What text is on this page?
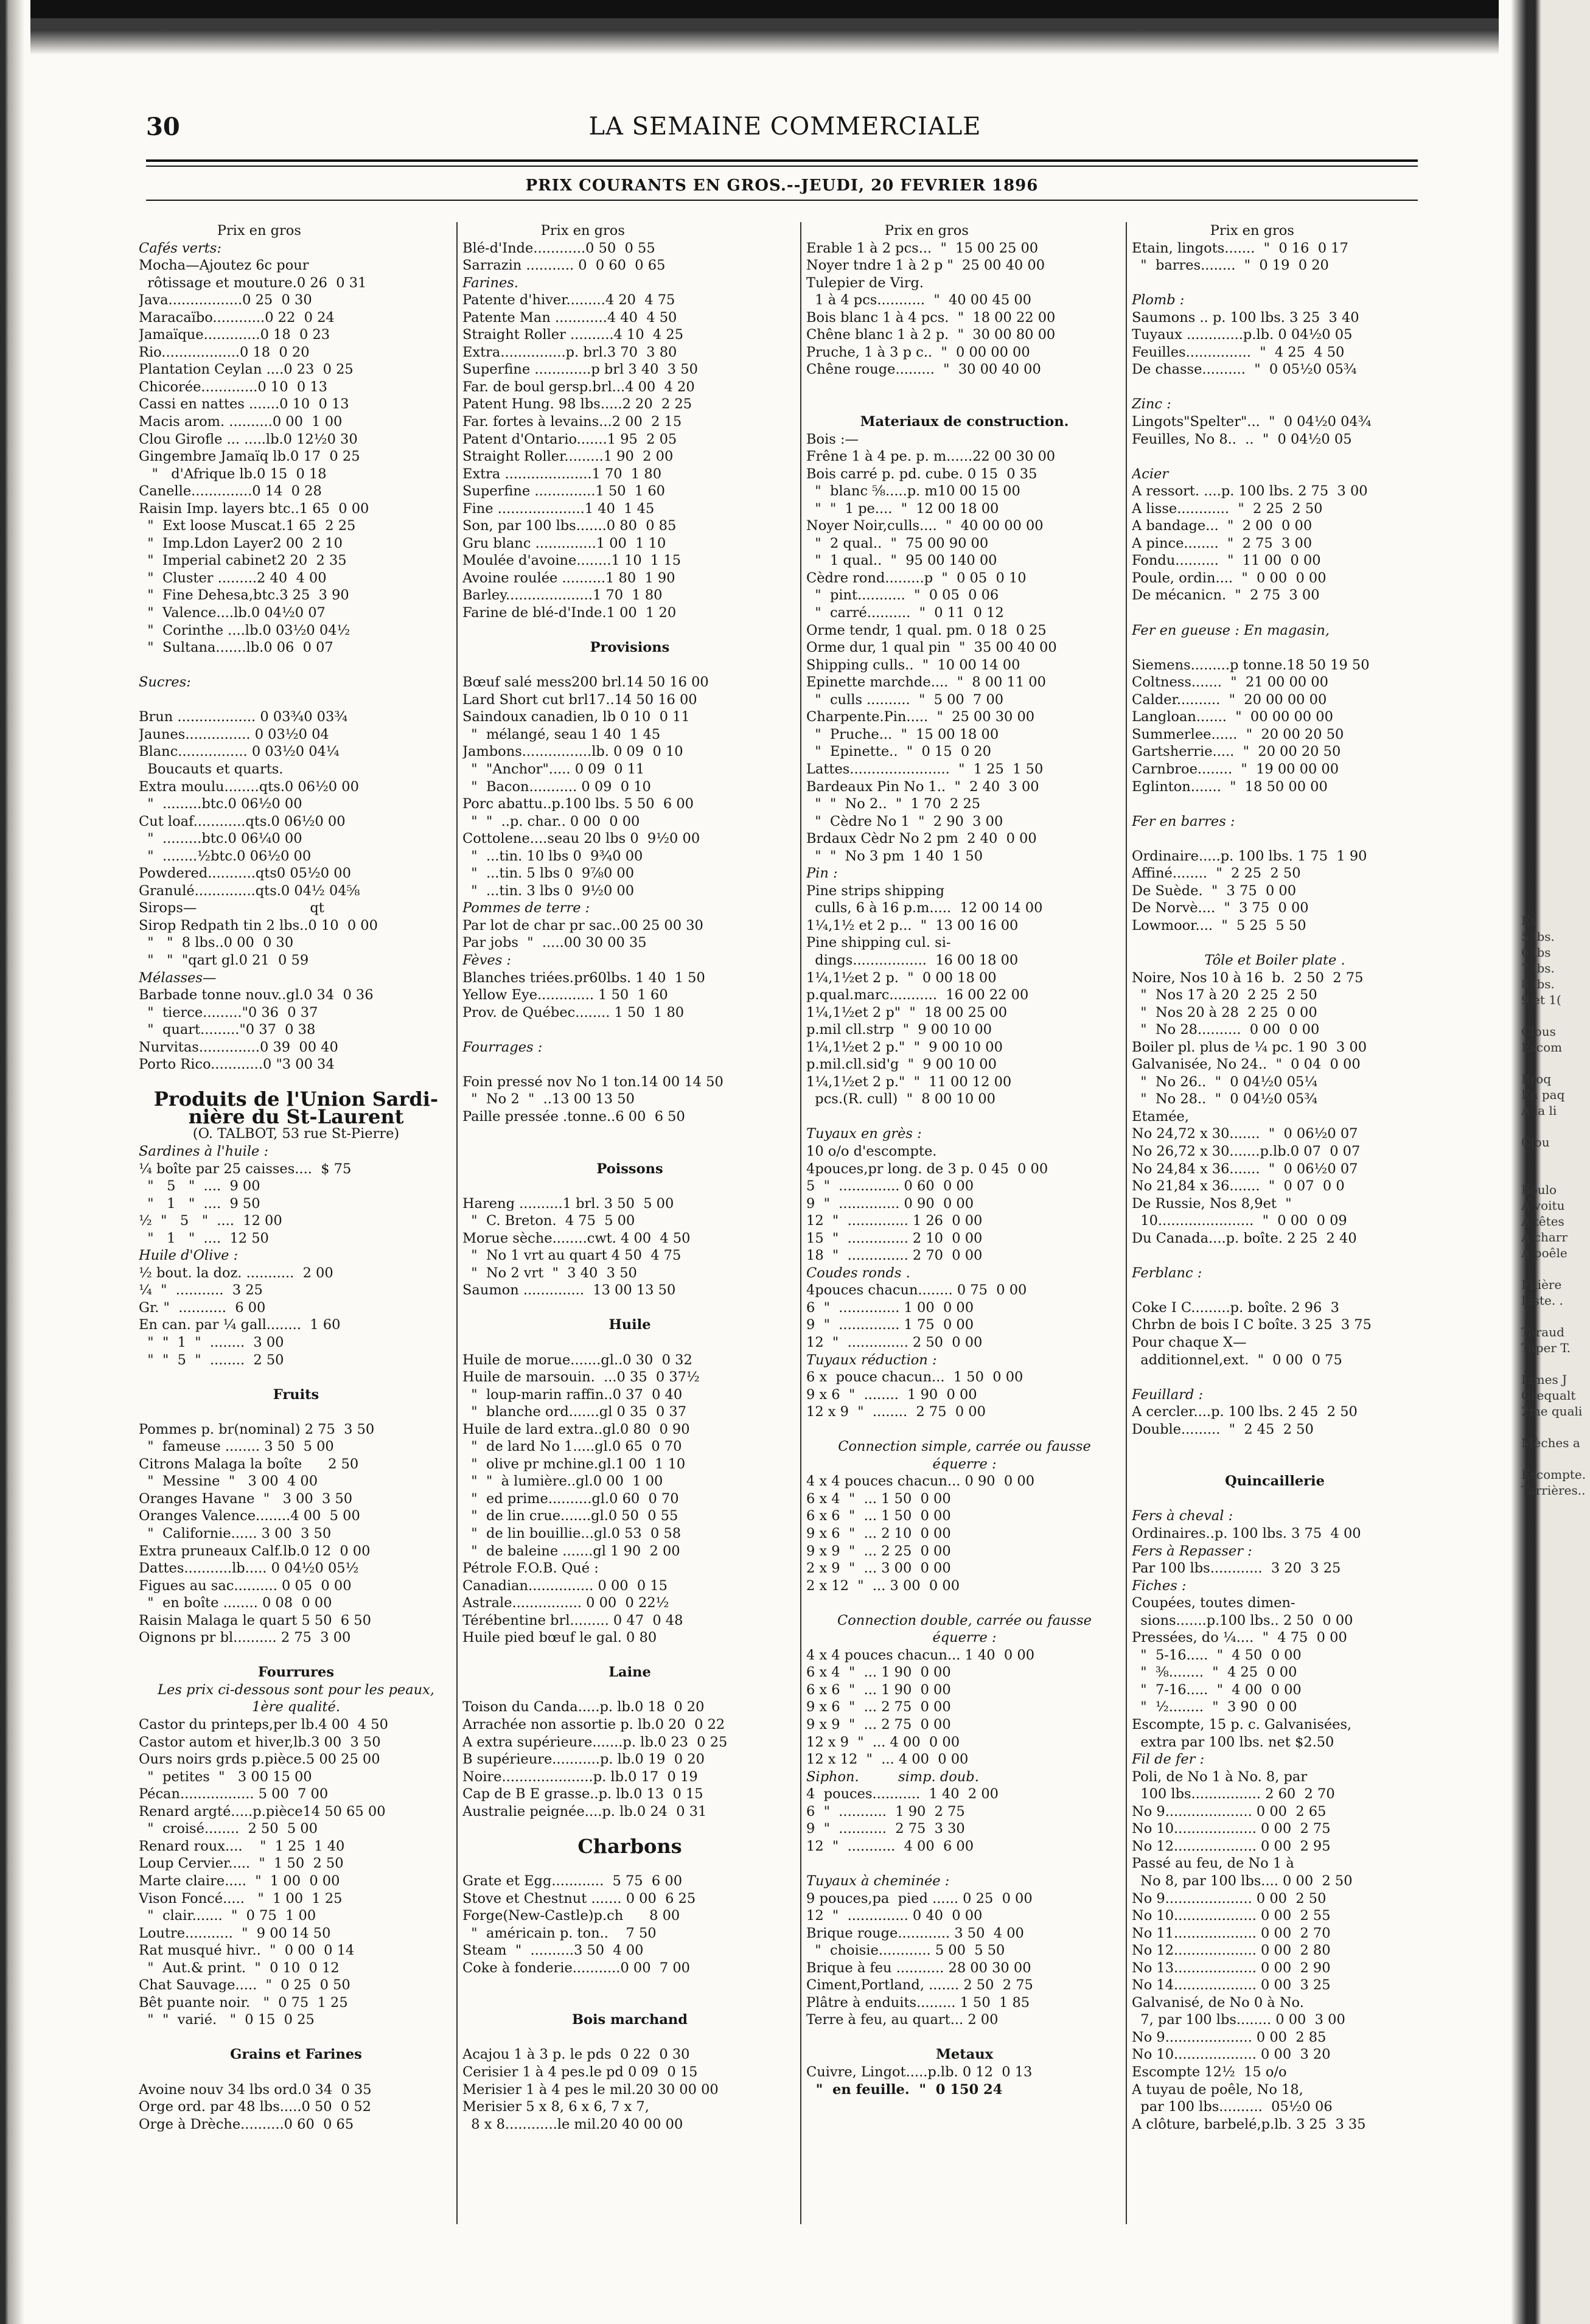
30	LA SEMAINE COMMERCIALE
PRIX COURANTS EN GROS.--JEUDI, 20 FEVRIER 1896
Prix en gros
Cafés verts:
Mocha—Ajoutez 6c pour
rôtissage et mouture.0 26  0 31
Java.................0 25  0 30
Maracaïbo............0 22  0 24
Jamaïque.............0 18  0 23
Rio..................0 18  0 20
Plantation Ceylan ....0 23  0 25
Chicorée.............0 10  0 13
Cassi en nattes .......0 10  0 13
Macis arom. ..........0 00  1 00
Clou Girofle ... .....lb.0 12½0 30
Gingembre Jamaïq lb.0 17  0 25
"   d'Afrique lb.0 15  0 18
Canelle..............0 14  0 28
Raisin Imp. layers btc..1 65  0 00
"  Ext loose Muscat.1 65  2 25
"  Imp.Ldon Layer2 00  2 10
"  Imperial cabinet2 20  2 35
"  Cluster .........2 40  4 00
"  Fine Dehesa,btc.3 25  3 90
"  Valence....lb.0 04½0 07
"  Corinthe ....lb.0 03½0 04½
"  Sultana.......lb.0 06  0 07
Sucres:
Brun .................. 0 03¾0 03¾
Jaunes............... 0 03½0 04
Blanc................ 0 03½0 04¼
Boucauts et quarts.
Extra moulu........qts.0 06½0 00
"  .........btc.0 06½0 00
Cut loaf............qts.0 06½0 00
"  .........btc.0 06¼0 00
"  ........½btc.0 06½0 00
Powdered...........qts0 05½0 00
Granulé..............qts.0 04½ 04⅝
Sirops—                          qt
Sirop Redpath tin 2 lbs..0 10  0 00
"   "  8 lbs..0 00  0 30
"   "  "qart gl.0 21  0 59
Mélasses—
Barbade tonne nouv..gl.0 34  0 36
"  tierce........."0 36  0 37
"  quart........."0 37  0 38
Nurvitas..............0 39  00 40
Porto Rico............0 "3 00 34
Produits de l'Union Sardi-
nière du St-Laurent
(O. TALBOT, 53 rue St-Pierre)
Sardines à l'huile :
¼ boîte par 25 caisses....  $ 75
"   5   "  ....  9 00
"   1   "  ....  9 50
½  "   5   "  ....  12 00
"   1   "  ....  12 50
Huile d'Olive :
½ bout. la doz. ...........  2 00
¼  "  ...........  3 25
Gr. "  ...........  6 00
En can. par ¼ gall........  1 60
"  "  1  "  ........  3 00
"  "  5  "  ........  2 50
Fruits
Pommes p. br(nominal) 2 75  3 50
"  fameuse ........ 3 50  5 00
Citrons Malaga la boîte      2 50
"  Messine  "   3 00  4 00
Oranges Havane  "   3 00  3 50
Oranges Valence........4 00  5 00
"  Californie...... 3 00  3 50
Extra pruneaux Calf.lb.0 12  0 00
Dattes...........lb..... 0 04½0 05½
Figues au sac.......... 0 05  0 00
"  en boîte ........ 0 08  0 00
Raisin Malaga le quart 5 50  6 50
Oignons pr bl.......... 2 75  3 00
Fourrures
Les prix ci-dessous sont pour les peaux,
1ère qualité.
Castor du printeps,per lb.4 00  4 50
Castor autom et hiver,lb.3 00  3 50
Ours noirs grds p.pièce.5 00 25 00
"  petites  "   3 00 15 00
Pécan................. 5 00  7 00
Renard argté.....p.pièce14 50 65 00
"  croisé........  2 50  5 00
Renard roux....    "  1 25  1 40
Loup Cervier.....  "  1 50  2 50
Marte claire.....  "  1 00  0 00
Vison Foncé.....   "  1 00  1 25
"  clair.......  "  0 75  1 00
Loutre...........  "  9 00 14 50
Rat musqué hivr..  "  0 00  0 14
"  Aut.& print.  "  0 10  0 12
Chat Sauvage.....  "  0 25  0 50
Bêt puante noir.   "  0 75  1 25
"  "  varié.   "  0 15  0 25
Grains et Farines
Avoine nouv 34 lbs ord.0 34  0 35
Orge ord. par 48 lbs.....0 50  0 52
Orge à Drèche..........0 60  0 65
Prix en gros
Blé-d'Inde............0 50  0 55
Sarrazin ........... 0  0 60  0 65
Farines.
Patente d'hiver.........4 20  4 75
Patente Man ............4 40  4 50
Straight Roller ..........4 10  4 25
Extra...............p. brl.3 70  3 80
Superfine .............p brl 3 40  3 50
Far. de boul gersp.brl...4 00  4 20
Patent Hung. 98 lbs.....2 20  2 25
Far. fortes à levains...2 00  2 15
Patent d'Ontario.......1 95  2 05
Straight Roller.........1 90  2 00
Extra ....................1 70  1 80
Superfine ..............1 50  1 60
Fine ....................1 40  1 45
Son, par 100 lbs.......0 80  0 85
Gru blanc ..............1 00  1 10
Moulée d'avoine........1 10  1 15
Avoine roulée ..........1 80  1 90
Barley....................1 70  1 80
Farine de blé-d'Inde.1 00  1 20
Provisions
Bœuf salé mess200 brl.14 50 16 00
Lard Short cut brl17..14 50 16 00
Saindoux canadien, lb 0 10  0 11
"  mélangé, seau 1 40  1 45
Jambons................lb. 0 09  0 10
"  "Anchor"..... 0 09  0 11
"  Bacon........... 0 09  0 10
Porc abattu..p.100 lbs. 5 50  6 00
"  "  ..p. char.. 0 00  0 00
Cottolene....seau 20 lbs 0  9½0 00
"  ...tin. 10 lbs 0  9¾0 00
"  ...tin. 5 lbs 0  9⅞0 00
"  ...tin. 3 lbs 0  9½0 00
Pommes de terre :
Par lot de char pr sac..00 25 00 30
Par jobs  "  .....00 30 00 35
Fèves :
Blanches triées.pr60lbs. 1 40  1 50
Yellow Eye............. 1 50  1 60
Prov. de Québec........ 1 50  1 80
Fourrages :
Foin pressé nov No 1 ton.14 00 14 50
"  No 2  "  ..13 00 13 50
Paille pressée .tonne..6 00  6 50
Poissons
Hareng ..........1 brl. 3 50  5 00
"  C. Breton.  4 75  5 00
Morue sèche........cwt. 4 00  4 50
"  No 1 vrt au quart 4 50  4 75
"  No 2 vrt  "  3 40  3 50
Saumon ..............  13 00 13 50
Huile
Huile de morue.......gl..0 30  0 32
Huile de marsouin.  ...0 35  0 37½
"  loup-marin raffin..0 37  0 40
"  blanche ord.......gl 0 35  0 37
Huile de lard extra..gl.0 80  0 90
"  de lard No 1.....gl.0 65  0 70
"  olive pr mchine.gl.1 00  1 10
"  "  à lumière..gl.0 00  1 00
"  ed prime..........gl.0 60  0 70
"  de lin crue.......gl.0 50  0 55
"  de lin bouillie...gl.0 53  0 58
"  de baleine .......gl 1 90  2 00
Pétrole F.O.B. Qué :
Canadian............... 0 00  0 15
Astrale................ 0 00  0 22½
Térébentine brl......... 0 47  0 48
Huile pied bœuf le gal. 0 80
Laine
Toison du Canda.....p. lb.0 18  0 20
Arrachée non assortie p. lb.0 20  0 22
A extra supérieure.......p. lb.0 23  0 25
B supérieure...........p. lb.0 19  0 20
Noire.....................p. lb.0 17  0 19
Cap de B E grasse..p. lb.0 13  0 15
Australie peignée....p. lb.0 24  0 31
Charbons
Grate et Egg............  5 75  6 00
Stove et Chestnut ....... 0 00  6 25
Forge(New-Castle)p.ch      8 00
"  américain p. ton..    7 50
Steam  "  ..........3 50  4 00
Coke à fonderie...........0 00  7 00
Bois marchand
Acajou 1 à 3 p. le pds  0 22  0 30
Cerisier 1 à 4 pes.le pd 0 09  0 15
Merisier 1 à 4 pes le mil.20 30 00 00
Merisier 5 x 8, 6 x 6, 7 x 7,
8 x 8............le mil.20 40 00 00
Prix en gros
Erable 1 à 2 pcs...  "  15 00 25 00
Noyer tndre 1 à 2 p "  25 00 40 00
Tulepier de Virg.
1 à 4 pcs...........  "  40 00 45 00
Bois blanc 1 à 4 pcs.  "  18 00 22 00
Chêne blanc 1 à 2 p.  "  30 00 80 00
Pruche, 1 à 3 p c..  "  0 00 00 00
Chêne rouge.........  "  30 00 40 00
Materiaux de construction.
Bois :—
Frêne 1 à 4 pe. p. m......22 00 30 00
Bois carré p. pd. cube. 0 15  0 35
"  blanc ⅝.....p. m10 00 15 00
"  "  1 pe....  "  12 00 18 00
Noyer Noir,culls....  "  40 00 00 00
"  2 qual..  "  75 00 90 00
"  1 qual..  "  95 00 140 00
Cèdre rond.........p  "  0 05  0 10
"  pint...........  "  0 05  0 06
"  carré..........  "  0 11  0 12
Orme tendr, 1 qual. pm. 0 18  0 25
Orme dur, 1 qual pin  "  35 00 40 00
Shipping culls..  "  10 00 14 00
Epinette marchde....  "  8 00 11 00
"  culls ..........  "  5 00  7 00
Charpente.Pin.....  "  25 00 30 00
"  Pruche...  "  15 00 18 00
"  Epinette..  "  0 15  0 20
Lattes.......................  "  1 25  1 50
Bardeaux Pin No 1..  "  2 40  3 00
"  "  No 2..  "  1 70  2 25
"  Cèdre No 1  "  2 90  3 00
Brdaux Cèdr No 2 pm  2 40  0 00
"  "  No 3 pm  1 40  1 50
Pin :
Pine strips shipping
culls, 6 à 16 p.m.....  12 00 14 00
1¼,1½ et 2 p...  "  13 00 16 00
Pine shipping cul. si-
dings.................  16 00 18 00
1¼,1½et 2 p.  "  0 00 18 00
p.qual.marc...........  16 00 22 00
1¼,1½et 2 p"  "  18 00 25 00
p.mil cll.strp  "  9 00 10 00
1¼,1½et 2 p."  "  9 00 10 00
p.mil.cll.sid'g  "  9 00 10 00
1¼,1½et 2 p."  "  11 00 12 00
pcs.(R. cull)  "  8 00 10 00
Tuyaux en grès :
10 o/o d'escompte.
4pouces,pr long. de 3 p. 0 45  0 00
5  "  .............. 0 60  0 00
9  "  .............. 0 90  0 00
12  "  .............. 1 26  0 00
15  "  .............. 2 10  0 00
18  "  .............. 2 70  0 00
Coudes ronds .
4pouces chacun........ 0 75  0 00
6  "  .............. 1 00  0 00
9  "  .............. 1 75  0 00
12  "  .............. 2 50  0 00
Tuyaux réduction :
6 x  pouce chacun...  1 50  0 00
9 x 6  "  ........  1 90  0 00
12 x 9  "  ........  2 75  0 00
Connection simple, carrée ou fausse
équerre :
4 x 4 pouces chacun... 0 90  0 00
6 x 4  "  ... 1 50  0 00
6 x 6  "  ... 1 50  0 00
9 x 6  "  ... 2 10  0 00
9 x 9  "  ... 2 25  0 00
2 x 9  "  ... 3 00  0 00
2 x 12  "  ... 3 00  0 00
Connection double, carrée ou fausse
équerre :
4 x 4 pouces chacun... 1 40  0 00
6 x 4  "  ... 1 90  0 00
6 x 6  "  ... 1 90  0 00
9 x 6  "  ... 2 75  0 00
9 x 9  "  ... 2 75  0 00
12 x 9  "  ... 4 00  0 00
12 x 12  "  ... 4 00  0 00
Siphon.         simp. doub.
4  pouces...........  1 40  2 00
6  "  ...........  1 90  2 75
9  "  ...........  2 75  3 30
12  "  ...........  4 00  6 00
Tuyaux à cheminée :
9 pouces,pa  pied ...... 0 25  0 00
12  "  .............. 0 40  0 00
Brique rouge............ 3 50  4 00
"  choisie............ 5 00  5 50
Brique à feu ........... 28 00 30 00
Ciment,Portland, ....... 2 50  2 75
Plâtre à enduits......... 1 50  1 85
Terre à feu, au quart... 2 00
Metaux
Cuivre, Lingot.....p.lb. 0 12  0 13
"  en feuille.  "  0 150 24
Prix en gros
Etain, lingots.......  "  0 16  0 17
"  barres........  "  0 19  0 20
Plomb :
Saumons .. p. 100 lbs. 3 25  3 40
Tuyaux .............p.lb. 0 04½0 05
Feuilles...............  "  4 25  4 50
De chasse..........  "  0 05½0 05¾
Zinc :
Lingots"Spelter"...  "  0 04½0 04¾
Feuilles, No 8..  ..  "  0 04½0 05
Acier
A ressort. ....p. 100 lbs. 2 75  3 00
A lisse............  "  2 25  2 50
A bandage...  "  2 00  0 00
A pince........  "  2 75  3 00
Fondu..........  "  11 00  0 00
Poule, ordin....  "  0 00  0 00
De mécanicn.  "  2 75  3 00
Fer en gueuse : En magasin,
Siemens.........p tonne.18 50 19 50
Coltness.......  "  21 00 00 00
Calder..........  "  20 00 00 00
Langloan.......  "  00 00 00 00
Summerlee......  "  20 00 20 50
Gartsherrie.....  "  20 00 20 50
Carnbroe........  "  19 00 00 00
Eglinton.......  "  18 50 00 00
Fer en barres :
Ordinaire.....p. 100 lbs. 1 75  1 90
Affiné........  "  2 25  2 50
De Suède.  "  3 75  0 00
De Norvè....  "  3 75  0 00
Lowmoor....  "  5 25  5 50
Tôle et Boiler plate .
Noire, Nos 10 à 16  b.  2 50  2 75
"  Nos 17 à 20  2 25  2 50
"  Nos 20 à 28  2 25  0 00
"  No 28..........  0 00  0 00
Boiler pl. plus de ¼ pc. 1 90  3 00
Galvanisée, No 24..  "  0 04  0 00
"  No 26..  "  0 04½0 05¼
"  No 28..  "  0 04½0 05¾
Etamée,
No 24,72 x 30.......  "  0 06½0 07
No 26,72 x 30.......p.lb.0 07  0 07
No 24,84 x 36.......  "  0 06½0 07
No 21,84 x 36.......  "  0 07  0 0
De Russie, Nos 8,9et  "
10......................  "  0 00  0 09
Du Canada....p. boîte. 2 25  2 40
Ferblanc :
Coke I C.........p. boîte. 2 96  3
Chrbn de bois I C boîte. 3 25  3 75
Pour chaque X—
additionnel,ext.  "  0 00  0 75
Feuillard :
A cercler....p. 100 lbs. 2 45  2 50
Double.........  "  2 45  2 50
Quincaillerie
Fers à cheval :
Ordinaires..p. 100 lbs. 3 75  4 00
Fers à Repasser :
Par 100 lbs............  3 20  3 25
Fiches :
Coupées, toutes dimen-
sions.......p.100 lbs.. 2 50  0 00
Pressées, do ¼....  "  4 75  0 00
"  5-16.....  "  4 50  0 00
"  ⅜........  "  4 25  0 00
"  7-16.....  "  4 00  0 00
"  ½........  "  3 90  0 00
Escompte, 15 p. c. Galvanisées,
extra par 100 lbs. net $2.50
Fil de fer :
Poli, de No 1 à No. 8, par
100 lbs................ 2 60  2 70
No 9.................... 0 00  2 65
No 10................... 0 00  2 75
No 12................... 0 00  2 95
Passé au feu, de No 1 à
No 8, par 100 lbs.... 0 00  2 50
No 9.................... 0 00  2 50
No 10................... 0 00  2 55
No 11................... 0 00  2 70
No 12................... 0 00  2 80
No 13................... 0 00  2 90
No 14................... 0 00  3 25
Galvanisé, de No 0 à No.
7, par 100 lbs........ 0 00  3 00
No 9.................... 0 00  2 85
No 10................... 0 00  3 20
Escompte 12½  15 o/o
A tuyau de poêle, No 18,
par 100 lbs..........  05½0 06
A clôture, barbelé,p.lb. 3 25  3 35
Es
5 lbs.
6 lbs
7 lbs.
8 lbs.
9 et 1(
Clous
Escom
Broq
En paq
A la li
Clou
Boulo
A voitu
A têtes
A charr
A poêle
Filière
Liste. .
Taraud
Taper T.
Limes J
Grequalt
2me quali
Mèches a
Escompte.
Tarrières..
